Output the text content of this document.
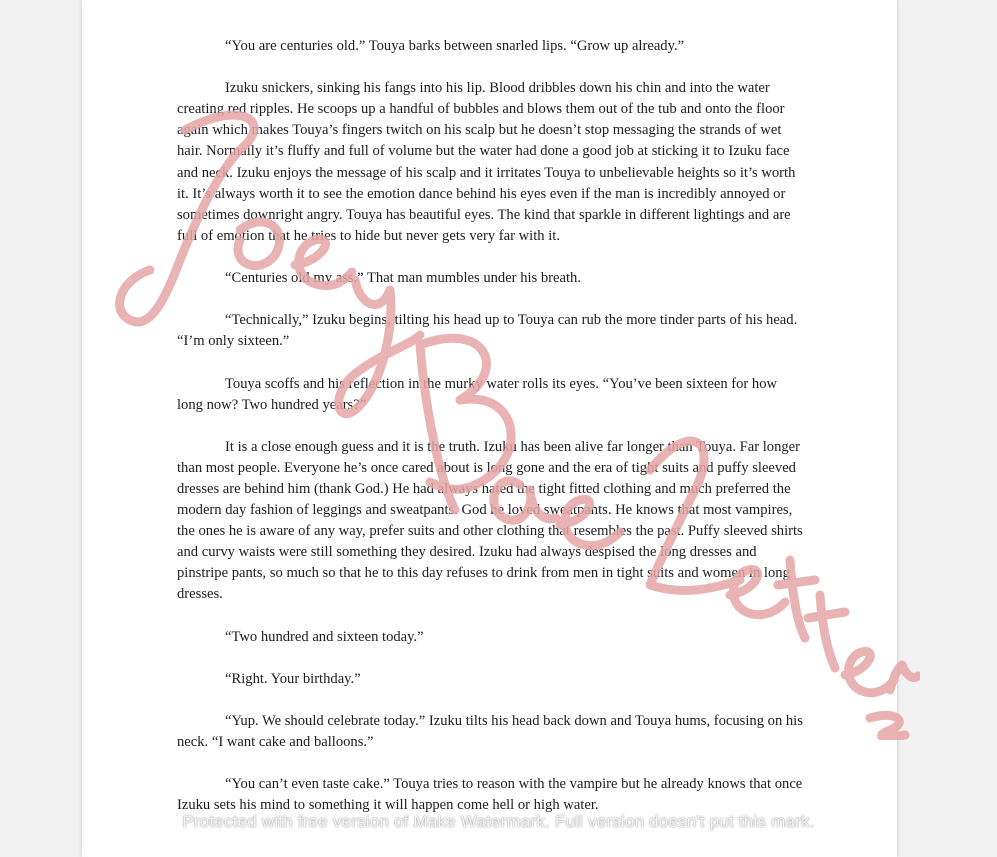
“You are centuries old.” Touya barks between snarled lips. “Grow up already.”

Izuku snickers, sinking his fangs into his lip. Blood dribbles down his chin and into the water creating red ripples. He scoops up a handful of bubbles and blows them out of the tub and onto the floor again which makes Touya’s fingers twitch on his scalp but he doesn’t stop messaging the strands of wet hair. Normally it’s fluffy and full of volume but the water had done a good job at sticking it to Izuku face and neck. Izuku enjoys the message of his scalp and it irritates Touya to unbelievable heights so it’s worth it. It’s always worth it to see the emotion dance behind his eyes even if the man is incredibly annoyed or sometimes downright angry. Touya has beautiful eyes. The kind that sparkle in different lightings and are full of emotion that he tries to hide but never gets very far with it.

“Centuries old my ass.” That man mumbles under his breath.

“Technically,” Izuku begins, tilting his head up to Touya can rub the more tinder parts of his head. “I’m only sixteen.”

Touya scoffs and his reflection in the murky water rolls its eyes. “You’ve been sixteen for how long now? Two hundred years?”

It is a close enough guess and it is the truth. Izuku has been alive far longer than Touya. Far longer than most people. Everyone he’s once cared about is long gone and the era of tight suits and puffy sleeved dresses are behind him (thank God.) He had always hated the tight fitted clothing and much preferred the modern day fashion of leggings and sweatpants. God he loved sweatpants. He knows that most vampires, the ones he is aware of any way, prefer suits and other clothing that resembles the past. Puffy sleeved shirts and curvy waists were still something they desired. Izuku had always despised the long dresses and pinstripe pants, so much so that he to this day refuses to drink from men in tight suits and women in long dresses.

“Two hundred and sixteen today.”

“Right. Your birthday.”

“Yup. We should celebrate today.” Izuku tilts his head back down and Touya hums, focusing on his neck. “I want cake and balloons.”

“You can’t even taste cake.” Touya tries to reason with the vampire but he already knows that once Izuku sets his mind to something it will happen come hell or high water.

Protected with free version of Make Watermark. Full version doesn't put this mark.
